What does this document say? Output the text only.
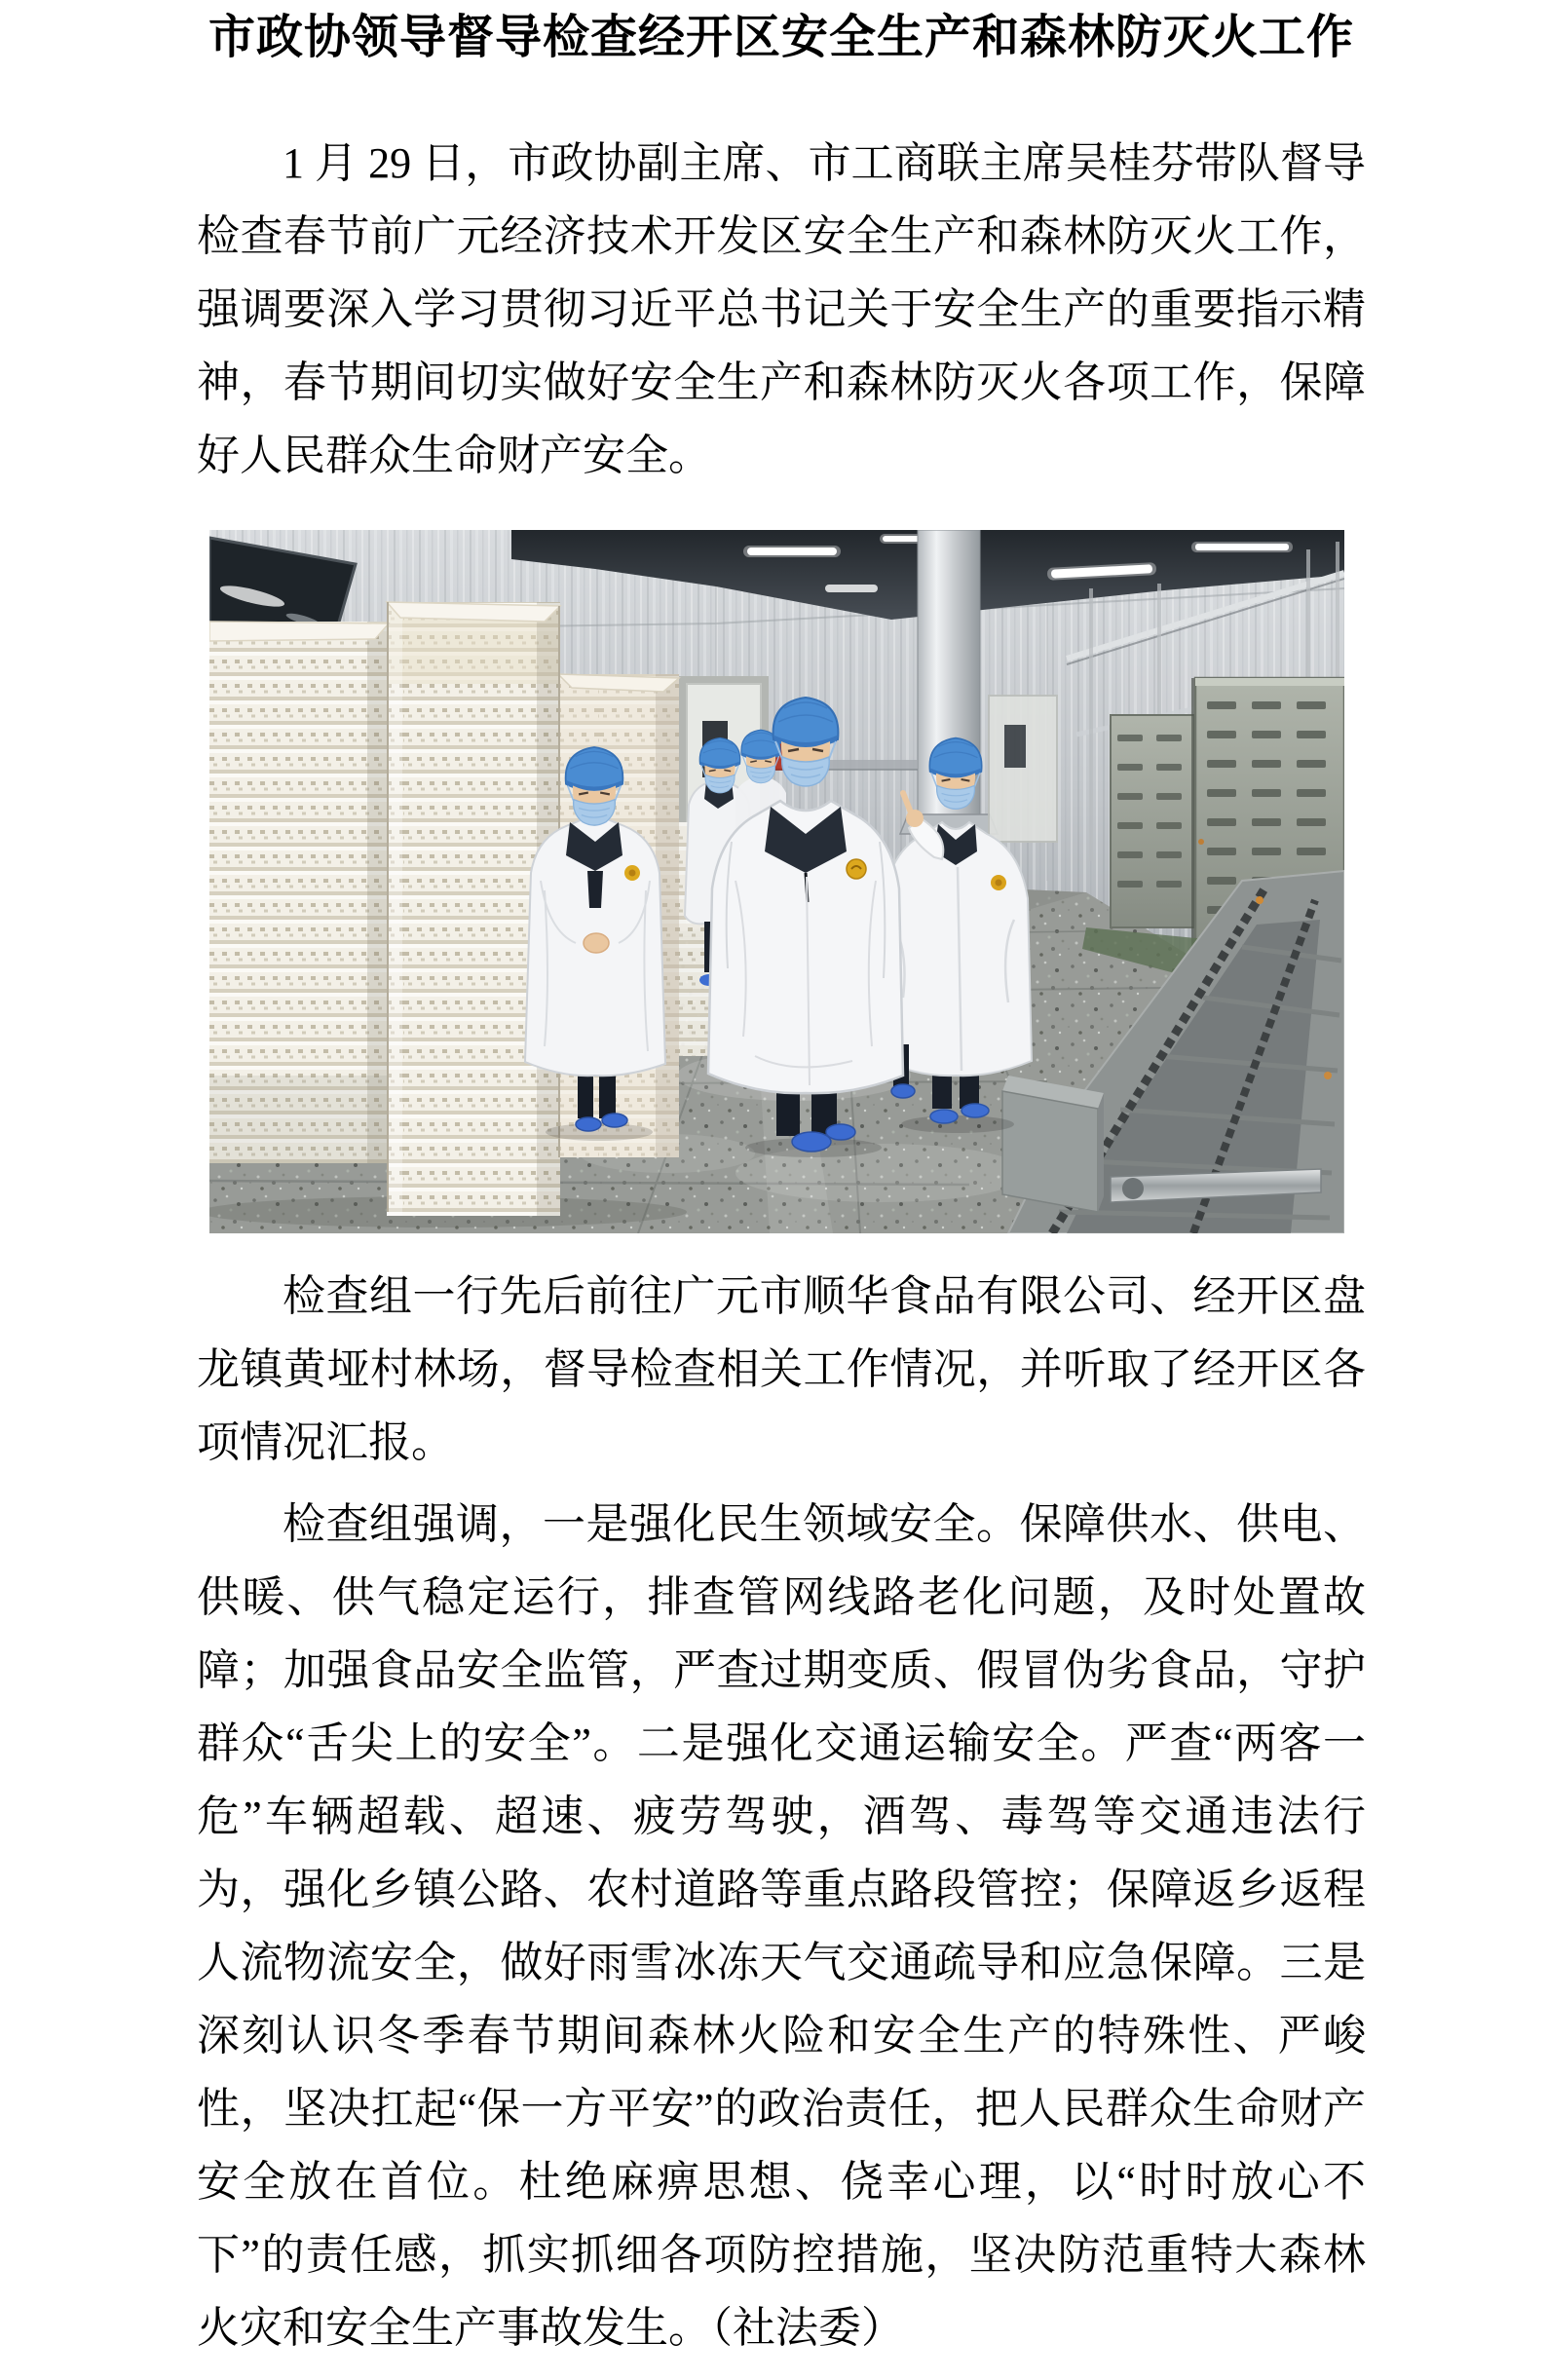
市政协领导督导检查经开区安全生产和森林防灭火工作

1 月 29 日，市政协副主席、市工商联主席吴桂芬带队督导检查春节前广元经济技术开发区安全生产和森林防灭火工作，强调要深入学习贯彻习近平总书记关于安全生产的重要指示精神，春节期间切实做好安全生产和森林防灭火各项工作，保障好人民群众生命财产安全。

检查组一行先后前往广元市顺华食品有限公司、经开区盘龙镇黄垭村林场，督导检查相关工作情况，并听取了经开区各项情况汇报。

检查组强调，一是强化民生领域安全。保障供水、供电、供暖、供气稳定运行，排查管网线路老化问题，及时处置故障；加强食品安全监管，严查过期变质、假冒伪劣食品，守护群众“舌尖上的安全”。二是强化交通运输安全。严查“两客一危”车辆超载、超速、疲劳驾驶，酒驾、毒驾等交通违法行为，强化乡镇公路、农村道路等重点路段管控；保障返乡返程人流物流安全，做好雨雪冰冻天气交通疏导和应急保障。三是深刻认识冬季春节期间森林火险和安全生产的特殊性、严峻性，坚决扛起“保一方平安”的政治责任，把人民群众生命财产安全放在首位。杜绝麻痹思想、侥幸心理，以“时时放心不下”的责任感，抓实抓细各项防控措施，坚决防范重特大森林火灾和安全生产事故发生。（社法委）
